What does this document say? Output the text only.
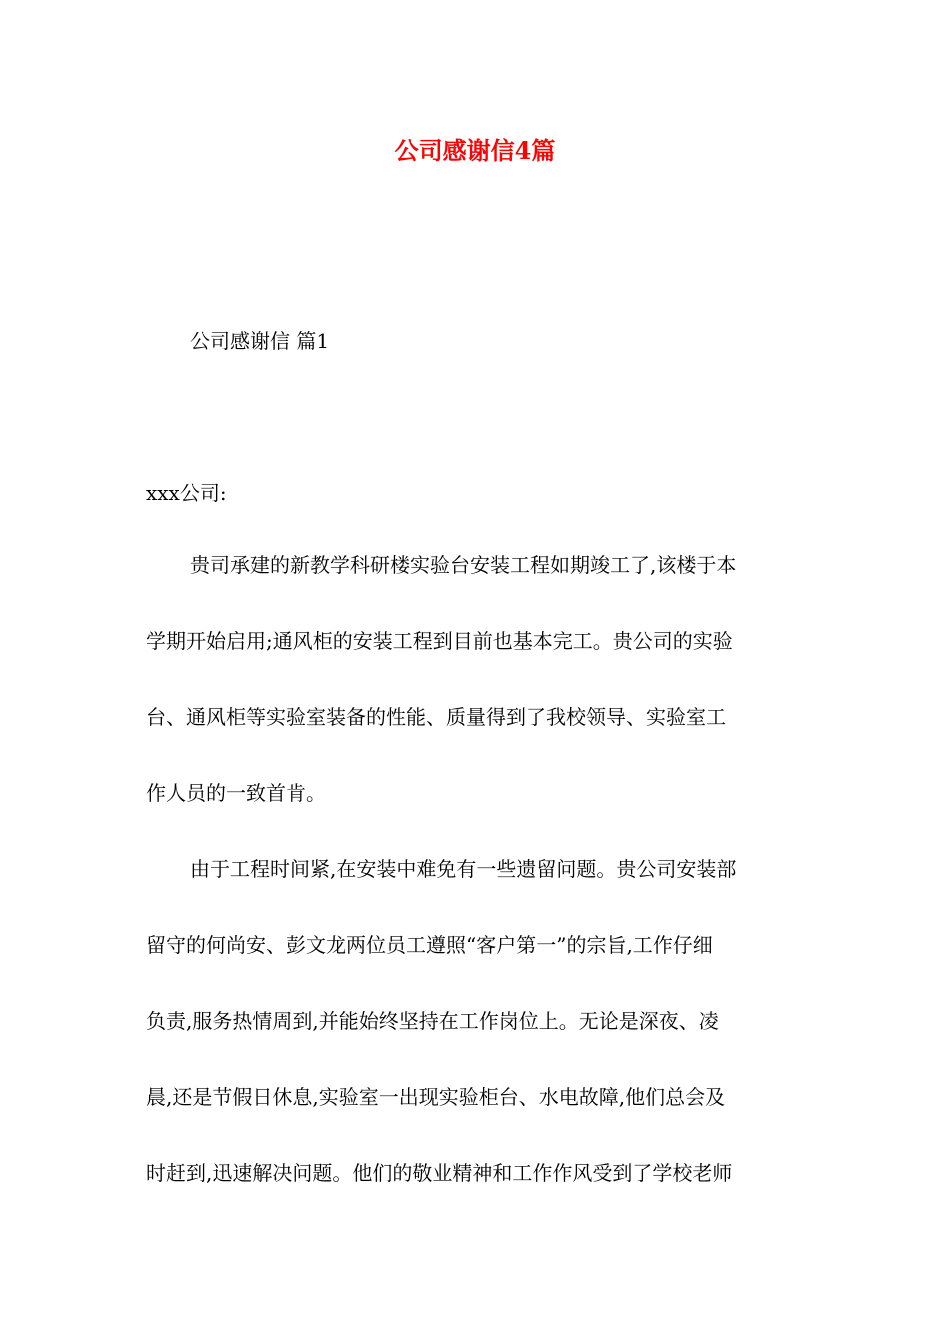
公司感谢信4篇
公司感谢信 篇1
xxx公司:
贵司承建的新教学科研楼实验台安装工程如期竣工了,该楼于本
学期开始启用;通风柜的安装工程到目前也基本完工。贵公司的实验
台、通风柜等实验室装备的性能、质量得到了我校领导、实验室工
作人员的一致首肯。
由于工程时间紧,在安装中难免有一些遗留问题。贵公司安装部
留守的何尚安、彭文龙两位员工遵照“客户第一”的宗旨,工作仔细
负责,服务热情周到,并能始终坚持在工作岗位上。无论是深夜、凌
晨,还是节假日休息,实验室一出现实验柜台、水电故障,他们总会及
时赶到,迅速解决问题。他们的敬业精神和工作作风受到了学校老师
